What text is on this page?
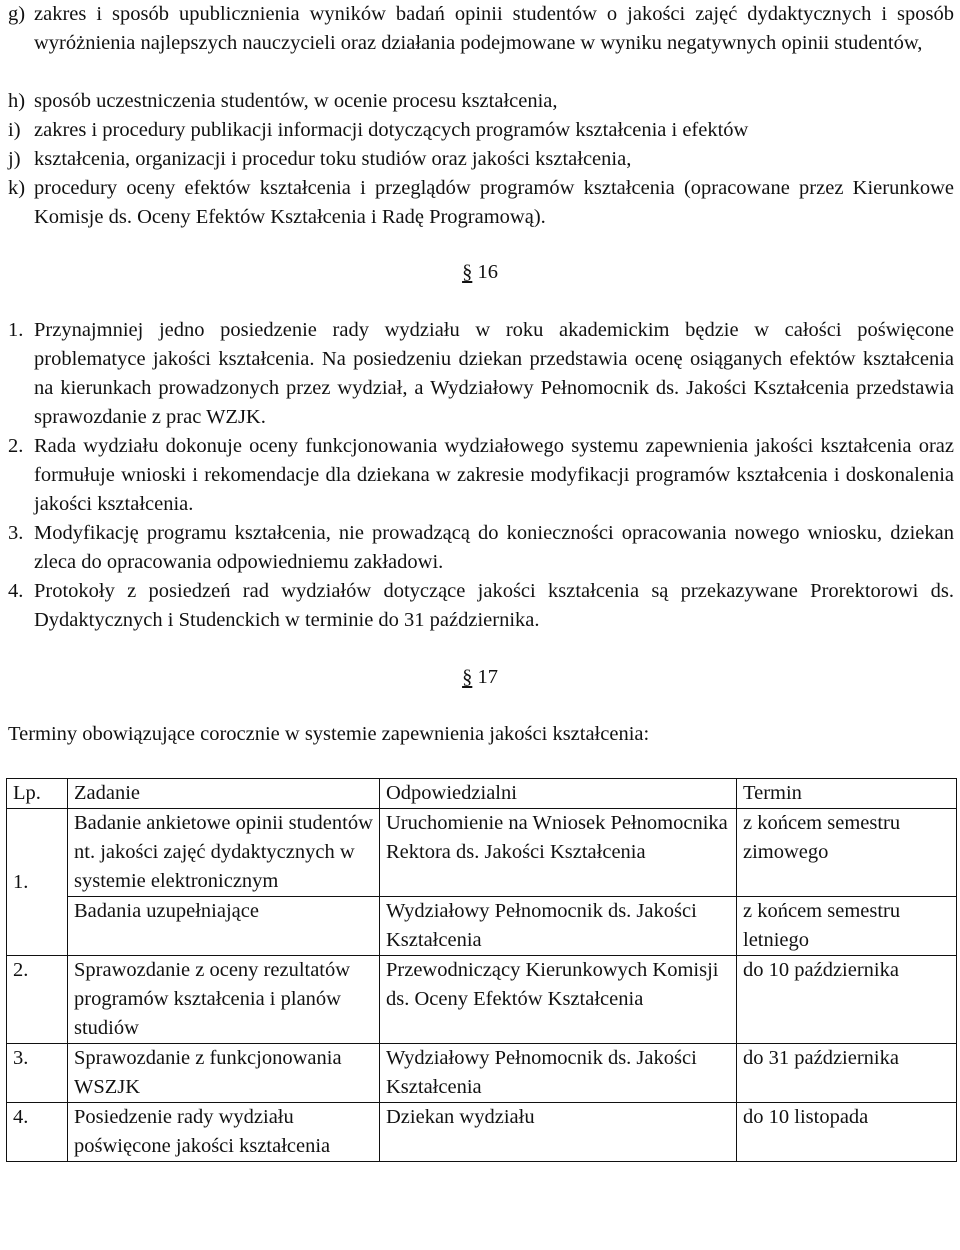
g) zakres i sposób upublicznienia wyników badań opinii studentów o jakości zajęć dydaktycznych i sposób wyróżnienia najlepszych nauczycieli oraz działania podejmowane w wyniku negatywnych opinii studentów,
h) sposób uczestniczenia studentów, w ocenie procesu kształcenia,
i) zakres i procedury publikacji informacji dotyczących programów kształcenia i efektów
j) kształcenia, organizacji i procedur toku studiów oraz jakości kształcenia,
k) procedury oceny efektów kształcenia i przeglądów programów kształcenia (opracowane przez Kierunkowe Komisje ds. Oceny Efektów Kształcenia i Radę Programową).
§ 16
1. Przynajmniej jedno posiedzenie rady wydziału w roku akademickim będzie w całości poświęcone problematyce jakości kształcenia. Na posiedzeniu dziekan przedstawia ocenę osiąganych efektów kształcenia na kierunkach prowadzonych przez wydział, a Wydziałowy Pełnomocnik ds. Jakości Kształcenia przedstawia sprawozdanie z prac WZJK.
2. Rada wydziału dokonuje oceny funkcjonowania wydziałowego systemu zapewnienia jakości kształcenia oraz formułuje wnioski i rekomendacje dla dziekana w zakresie modyfikacji programów kształcenia i doskonalenia jakości kształcenia.
3. Modyfikację programu kształcenia, nie prowadzącą do konieczności opracowania nowego wniosku, dziekan zleca do opracowania odpowiedniemu zakładowi.
4. Protokoły z posiedzeń rad wydziałów dotyczące jakości kształcenia są przekazywane Prorektorowi ds. Dydaktycznych i Studenckich w terminie do 31 października.
§ 17
Terminy obowiązujące corocznie w systemie zapewnienia jakości kształcenia:
Lp.	Zadanie	Odpowiedzialni	Termin
1.	Badanie ankietowe opinii studentów nt. jakości zajęć dydaktycznych w systemie elektronicznym	Uruchomienie na Wniosek Pełnomocnika Rektora ds. Jakości Kształcenia	z końcem semestru zimowego
	Badania uzupełniające	Wydziałowy Pełnomocnik ds. Jakości Kształcenia	z końcem semestru letniego
2.	Sprawozdanie z oceny rezultatów programów kształcenia i planów studiów	Przewodniczący Kierunkowych Komisji ds. Oceny Efektów Kształcenia	do 10 października
3.	Sprawozdanie z funkcjonowania WSZJK	Wydziałowy Pełnomocnik ds. Jakości Kształcenia	do 31 października
4.	Posiedzenie rady wydziału poświęcone jakości kształcenia	Dziekan wydziału	do 10 listopada
